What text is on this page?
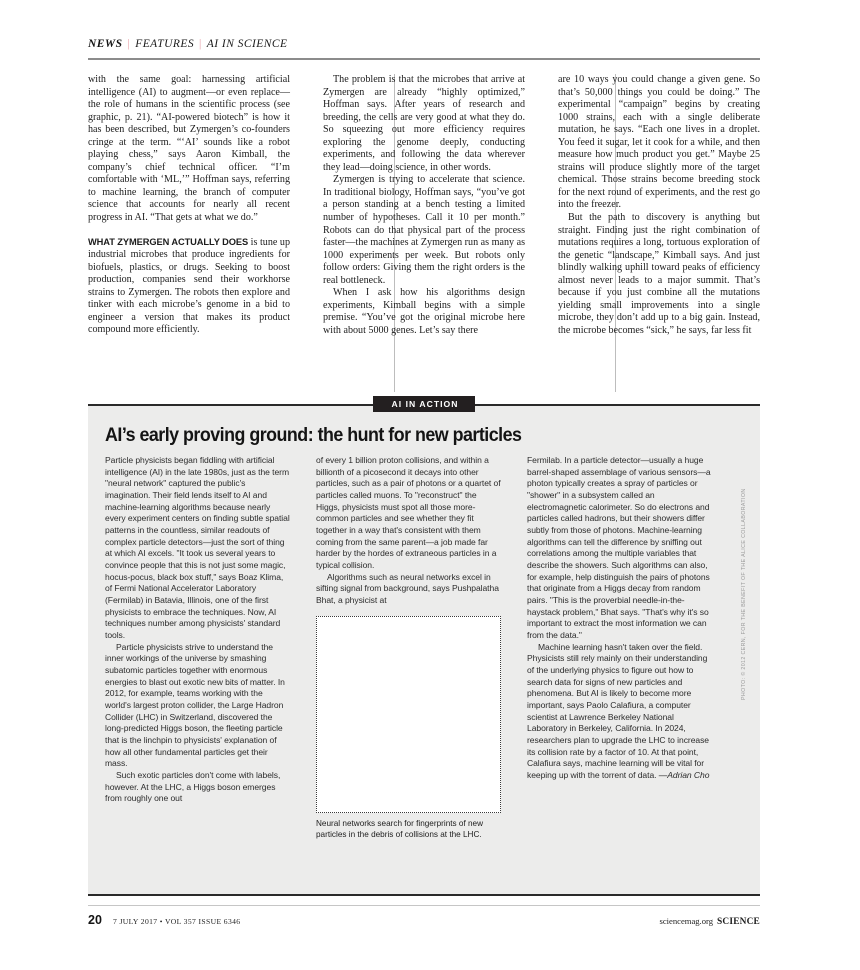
NEWS | FEATURES | AI IN SCIENCE

with the same goal: harnessing artificial intelligence (AI) to augment—or even replace—the role of humans in the scientific process (see graphic, p. 21). “AI-powered biotech” is how it has been described, but Zymergen’s co-founders cringe at the term. “‘AI’ sounds like a robot playing chess,” says Aaron Kimball, the company’s chief technical officer. “I’m comfortable with ‘ML,’” Hoffman says, referring to machine learning, the branch of computer science that accounts for nearly all recent progress in AI. “That gets at what we do.”

WHAT ZYMERGEN ACTUALLY DOES is tune up industrial microbes that produce ingredients for biofuels, plastics, or drugs. Seeking to boost production, companies send their workhorse strains to Zymergen. The robots then explore and tinker with each microbe’s genome in a bid to engineer a version that makes its product compound more efficiently.

The problem is that the microbes that arrive at Zymergen are already “highly optimized,” Hoffman says. After years of research and breeding, the cells are very good at what they do. So squeezing out more efficiency requires exploring the genome deeply, conducting experiments, and following the data wherever they lead—doing science, in other words.

Zymergen is trying to accelerate that science. In traditional biology, Hoffman says, “you’ve got a person standing at a bench testing a limited number of hypotheses. Call it 10 per month.” Robots can do that physical part of the process faster—the machines at Zymergen run as many as 1000 experiments per week. But robots only follow orders: Giving them the right orders is the real bottleneck.

When I ask how his algorithms design experiments, Kimball begins with a simple premise. “You’ve got the original microbe here with about 5000 genes. Let’s say there

are 10 ways you could change a given gene. So that’s 50,000 things you could be doing.” The experimental “campaign” begins by creating 1000 strains, each with a single deliberate mutation, he says. “Each one lives in a droplet. You feed it sugar, let it cook for a while, and then measure how much product you get.” Maybe 25 strains will produce slightly more of the target chemical. Those strains become breeding stock for the next round of experiments, and the rest go into the freezer.

But the path to discovery is anything but straight. Finding just the right combination of mutations requires a long, tortuous exploration of the genetic “landscape,” Kimball says. And just blindly walking uphill toward peaks of efficiency almost never leads to a major summit. That’s because if you just combine all the mutations yielding small improvements into a single microbe, they don’t add up to a big gain. Instead, the microbe becomes “sick,” he says, far less fit

AI IN ACTION
AI’s early proving ground: the hunt for new particles

Particle physicists began fiddling with artificial intelligence (AI) in the late 1980s, just as the term "neural network" captured the public's imagination. Their field lends itself to AI and machine-learning algorithms because nearly every experiment centers on finding subtle spatial patterns in the countless, similar readouts of complex particle detectors—just the sort of thing at which AI excels. "It took us several years to convince people that this is not just some magic, hocus-pocus, black box stuff," says Boaz Klima, of Fermi National Accelerator Laboratory (Fermilab) in Batavia, Illinois, one of the first physicists to embrace the techniques. Now, AI techniques number among physicists' standard tools.

Particle physicists strive to understand the inner workings of the universe by smashing subatomic particles together with enormous energies to blast out exotic new bits of matter. In 2012, for example, teams working with the world's largest proton collider, the Large Hadron Collider (LHC) in Switzerland, discovered the long-predicted Higgs boson, the fleeting particle that is the linchpin to physicists' explanation of how all other fundamental particles get their mass.

Such exotic particles don't come with labels, however. At the LHC, a Higgs boson emerges from roughly one out

of every 1 billion proton collisions, and within a billionth of a picosecond it decays into other particles, such as a pair of photons or a quartet of particles called muons. To "reconstruct" the Higgs, physicists must spot all those more-common particles and see whether they fit together in a way that's consistent with them coming from the same parent—a job made far harder by the hordes of extraneous particles in a typical collision.

Algorithms such as neural networks excel in sifting signal from background, says Pushpalatha Bhat, a physicist at

Neural networks search for fingerprints of new particles in the debris of collisions at the LHC.

Fermilab. In a particle detector—usually a huge barrel-shaped assemblage of various sensors—a photon typically creates a spray of particles or "shower" in a subsystem called an electromagnetic calorimeter. So do electrons and particles called hadrons, but their showers differ subtly from those of photons. Machine-learning algorithms can tell the difference by sniffing out correlations among the multiple variables that describe the showers. Such algorithms can also, for example, help distinguish the pairs of photons that originate from a Higgs decay from random pairs. "This is the proverbial needle-in-the-haystack problem," Bhat says. "That's why it's so important to extract the most information we can from the data."

Machine learning hasn't taken over the field. Physicists still rely mainly on their understanding of the underlying physics to figure out how to search data for signs of new particles and phenomena. But AI is likely to become more important, says Paolo Calafiura, a computer scientist at Lawrence Berkeley National Laboratory in Berkeley, California. In 2024, researchers plan to upgrade the LHC to increase its collision rate by a factor of 10. At that point, Calafiura says, machine learning will be vital for keeping up with the torrent of data. —Adrian Cho

PHOTO: © 2012 CERN, FOR THE BENEFIT OF THE ALICE COLLABORATION
20 7 JULY 2017 • VOL 357 ISSUE 6346	sciencemag.org SCIENCE
